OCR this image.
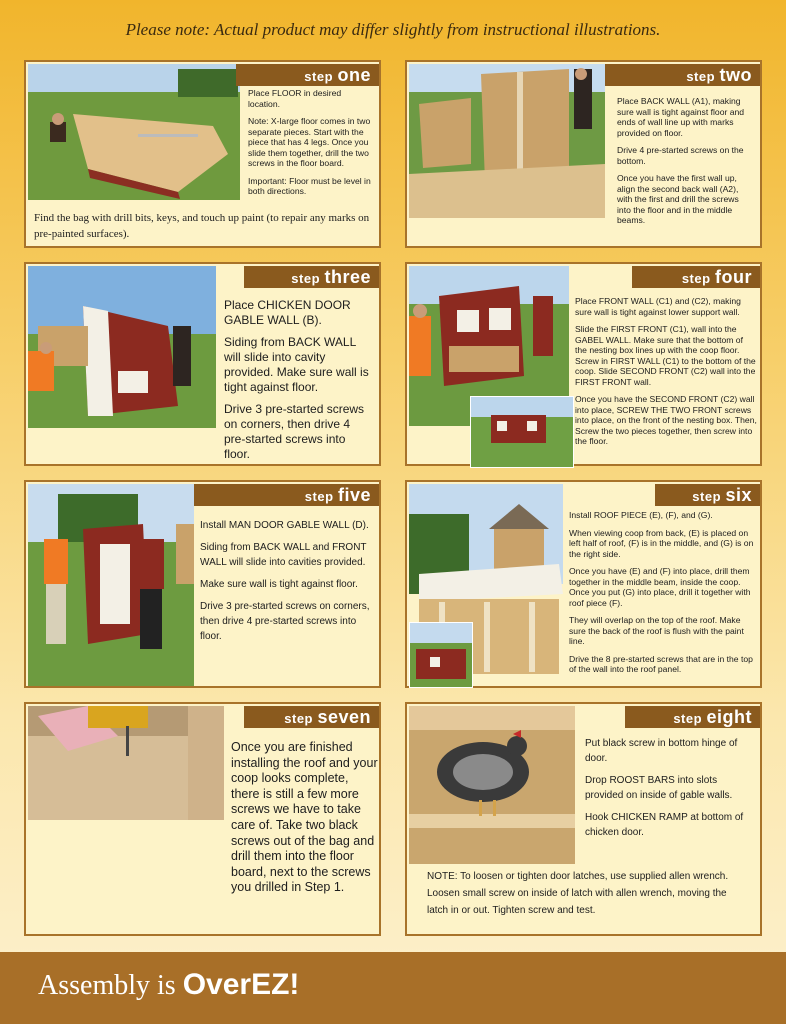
Please note: Actual product may differ slightly from instructional illustrations.
step one

Place FLOOR in desired location.

Note: X-large floor comes in two separate pieces. Start with the piece that has 4 legs. Once you slide them together, drill the two screws in the floor board.

Important: Floor must be level in both directions.

Find the bag with drill bits, keys, and touch up paint (to repair any marks on pre-painted surfaces).
step two

Place BACK WALL (A1), making sure wall is tight against floor and ends of wall line up with marks provided on floor.

Drive 4 pre-started screws on the bottom.

Once you have the first wall up, align the second back wall (A2), with the first and drill the screws into the floor and in the middle beams.

step three

Place CHICKEN DOOR GABLE WALL (B).

Siding from BACK WALL will slide into cavity provided. Make sure wall is tight against floor.

Drive 3 pre-started screws on corners, then drive 4 pre-started screws into floor.

step four

Place FRONT WALL (C1) and (C2), making sure wall is tight against lower support wall.

Slide the FIRST FRONT (C1), wall into the GABEL WALL. Make sure that the bottom of the nesting box lines up with the coop floor. Screw in FIRST WALL (C1) to the bottom of the coop. Slide SECOND FRONT (C2) wall into the FIRST FRONT wall.

Once you have the SECOND FRONT (C2) wall into place, SCREW THE TWO FRONT screws into place, on the front of the nesting box. Then, Screw the two pieces together, then screw into the floor.

step five

Install MAN DOOR GABLE WALL (D).

Siding from BACK WALL and FRONT WALL will slide into cavities provided.

Make sure wall is tight against floor.

Drive 3 pre-started screws on corners, then drive 4 pre-started screws into floor.

step six

Install ROOF PIECE (E), (F), and (G).

When viewing coop from back, (E) is placed on left half of roof, (F) is in the middle, and (G) is on the right side.

Once you have (E) and (F) into place, drill them together in the middle beam, inside the coop. Once you put (G) into place, drill it together with roof piece (F).

They will overlap on the top of the roof. Make sure the back of the roof is flush with the paint line.

Drive the 8 pre-started screws that are in the top of the wall into the roof panel.

step seven
Once you are finished installing the roof and your coop looks complete, there is still a few more screws we have to take care of. Take two black screws out of the bag and drill them into the floor board, next to the screws you drilled in Step 1.
step eight

Put black screw in bottom hinge of door.

Drop ROOST BARS into slots provided on inside of gable walls.

Hook CHICKEN RAMP at bottom of chicken door.

NOTE: To loosen or tighten door latches, use supplied allen wrench. Loosen small screw on inside of latch with allen wrench, moving the latch in or out. Tighten screw and test.
Assembly is OverEZ!
